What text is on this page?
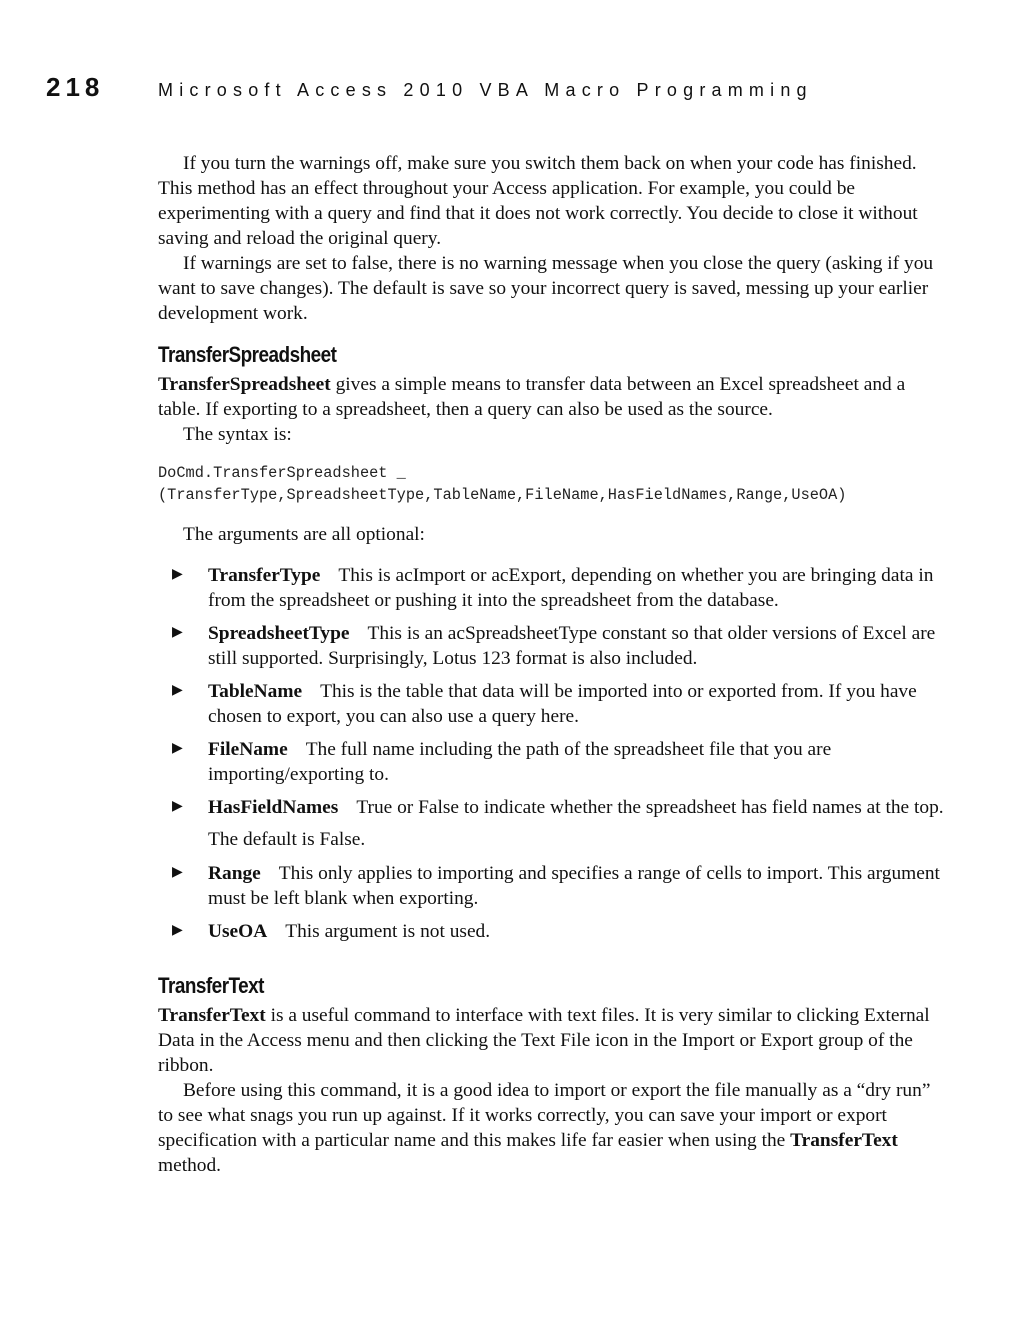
218	Microsoft Access 2010 VBA Macro Programming

If you turn the warnings off, make sure you switch them back on when your code has finished. This method has an effect throughout your Access application. For example, you could be experimenting with a query and find that it does not work correctly. You decide to close it without saving and reload the original query.

If warnings are set to false, there is no warning message when you close the query (asking if you want to save changes). The default is save so your incorrect query is saved, messing up your earlier development work.

TransferSpreadsheet

TransferSpreadsheet gives a simple means to transfer data between an Excel spreadsheet and a table. If exporting to a spreadsheet, then a query can also be used as the source.

The syntax is:

DoCmd.TransferSpreadsheet _
(TransferType,SpreadsheetType,TableName,FileName,HasFieldNames,Range,UseOA)

The arguments are all optional:

▶ TransferType This is acImport or acExport, depending on whether you are bringing data in from the spreadsheet or pushing it into the spreadsheet from the database.
▶ SpreadsheetType This is an acSpreadsheetType constant so that older versions of Excel are still supported. Surprisingly, Lotus 123 format is also included.
▶ TableName This is the table that data will be imported into or exported from. If you have chosen to export, you can also use a query here.
▶ FileName The full name including the path of the spreadsheet file that you are importing/exporting to.
▶ HasFieldNames True or False to indicate whether the spreadsheet has field names at the top.

The default is False.

▶ Range This only applies to importing and specifies a range of cells to import. This argument must be left blank when exporting.
▶ UseOA This argument is not used.
TransferText

TransferText is a useful command to interface with text files. It is very similar to clicking External Data in the Access menu and then clicking the Text File icon in the Import or Export group of the ribbon.

Before using this command, it is a good idea to import or export the file manually as a “dry run” to see what snags you run up against. If it works correctly, you can save your import or export specification with a particular name and this makes life far easier when using the TransferText method.
